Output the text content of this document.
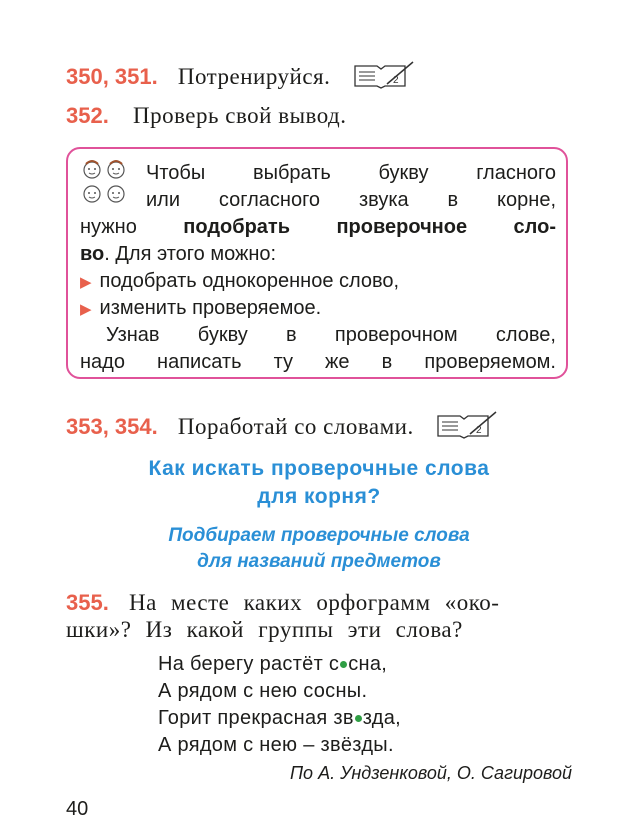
350, 351. Потренируйся.	2
352. Проверь свой вывод.
Чтобы выбрать букву гласного
или согласного звука в корне,
нужно подобрать проверочное сло-
во. Для этого можно:
▶ подобрать однокоренное слово,
▶ изменить проверяемое.
Узнав букву в проверочном слове,
надо написать ту же в проверяемом.
353, 354. Поработай со словами.	2
Как искать проверочные слова
для корня?
Подбираем проверочные слова
для названий предметов
355. На месте каких орфограмм «око-
шки»? Из какой группы эти слова?
На берегу растёт с сна,
А рядом с нею сосны.
Горит прекрасная зв зда,
А рядом с нею – звёзды.
По А. Ундзенковой, О. Сагировой
40
